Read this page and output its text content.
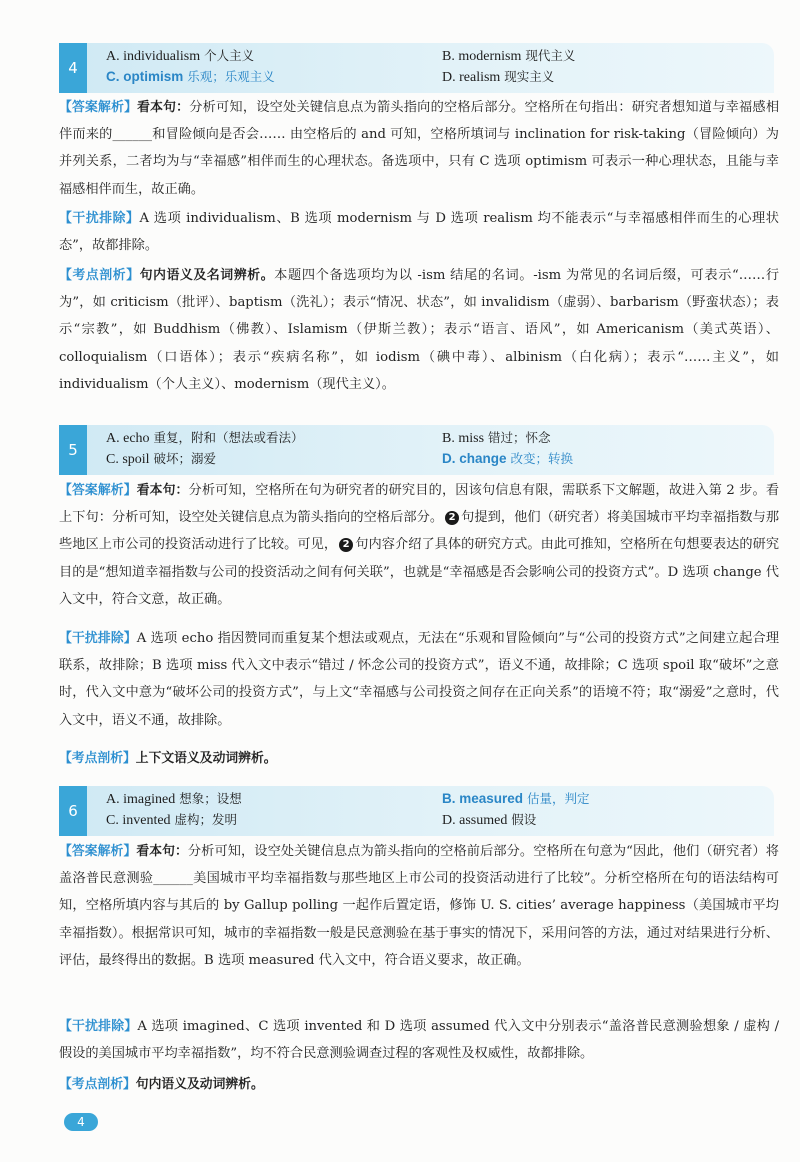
4
A. individualism 个人主义	B. modernism 现代主义
C. optimism 乐观；乐观主义	D. realism 现实主义

【答案解析】看本句：分析可知，设空处关键信息点为箭头指向的空格后部分。空格所在句指出：研究者想知道与幸福感相伴而来的______和冒险倾向是否会…… 由空格后的 and 可知，空格所填词与 inclination for risk-taking（冒险倾向）为并列关系，二者均为与“幸福感”相伴而生的心理状态。备选项中，只有 C 选项 optimism 可表示一种心理状态，且能与幸福感相伴而生，故正确。

【干扰排除】A 选项 individualism、B 选项 modernism 与 D 选项 realism 均不能表示“与幸福感相伴而生的心理状态”，故都排除。

【考点剖析】句内语义及名词辨析。本题四个备选项均为以 -ism 结尾的名词。-ism 为常见的名词后缀，可表示“……行为”，如 criticism（批评）、baptism（洗礼）；表示“情况、状态”，如 invalidism（虚弱）、barbarism（野蛮状态）；表示“宗教”，如 Buddhism（佛教）、Islamism（伊斯兰教）；表示“语言、语风”，如 Americanism（美式英语）、colloquialism（口语体）；表示“疾病名称”，如 iodism（碘中毒）、albinism（白化病）；表示“……主义”，如 individualism（个人主义）、modernism（现代主义）。

5
A. echo 重复，附和（想法或看法）	B. miss 错过；怀念
C. spoil 破坏；溺爱	D. change 改变；转换

【答案解析】看本句：分析可知，空格所在句为研究者的研究目的，因该句信息有限，需联系下文解题，故进入第 2 步。看上下句：分析可知，设空处关键信息点为箭头指向的空格后部分。 2 句提到，他们（研究者）将美国城市平均幸福指数与那些地区上市公司的投资活动进行了比较。可见， 2 句内容介绍了具体的研究方式。由此可推知，空格所在句想要表达的研究目的是“想知道幸福指数与公司的投资活动之间有何关联”，也就是“幸福感是否会影响公司的投资方式”。D 选项 change 代入文中，符合文意，故正确。

【干扰排除】A 选项 echo 指因赞同而重复某个想法或观点，无法在“乐观和冒险倾向”与“公司的投资方式”之间建立起合理联系，故排除；B 选项 miss 代入文中表示“错过 / 怀念公司的投资方式”，语义不通，故排除；C 选项 spoil 取“破坏”之意时，代入文中意为“破坏公司的投资方式”，与上文“幸福感与公司投资之间存在正向关系”的语境不符；取“溺爱”之意时，代入文中，语义不通，故排除。

【考点剖析】上下文语义及动词辨析。

6
A. imagined 想象；设想	B. measured 估量，判定
C. invented 虚构；发明	D. assumed 假设

【答案解析】看本句：分析可知，设空处关键信息点为箭头指向的空格前后部分。空格所在句意为“因此，他们（研究者）将盖洛普民意测验______美国城市平均幸福指数与那些地区上市公司的投资活动进行了比较”。分析空格所在句的语法结构可知，空格所填内容与其后的 by Gallup polling 一起作后置定语，修饰 U. S. cities’ average happiness（美国城市平均幸福指数）。根据常识可知，城市的幸福指数一般是民意测验在基于事实的情况下，采用问答的方法，通过对结果进行分析、评估，最终得出的数据。B 选项 measured 代入文中，符合语义要求，故正确。

【干扰排除】A 选项 imagined、C 选项 invented 和 D 选项 assumed 代入文中分别表示“盖洛普民意测验想象 / 虚构 / 假设的美国城市平均幸福指数”，均不符合民意测验调查过程的客观性及权威性，故都排除。

【考点剖析】句内语义及动词辨析。

4
